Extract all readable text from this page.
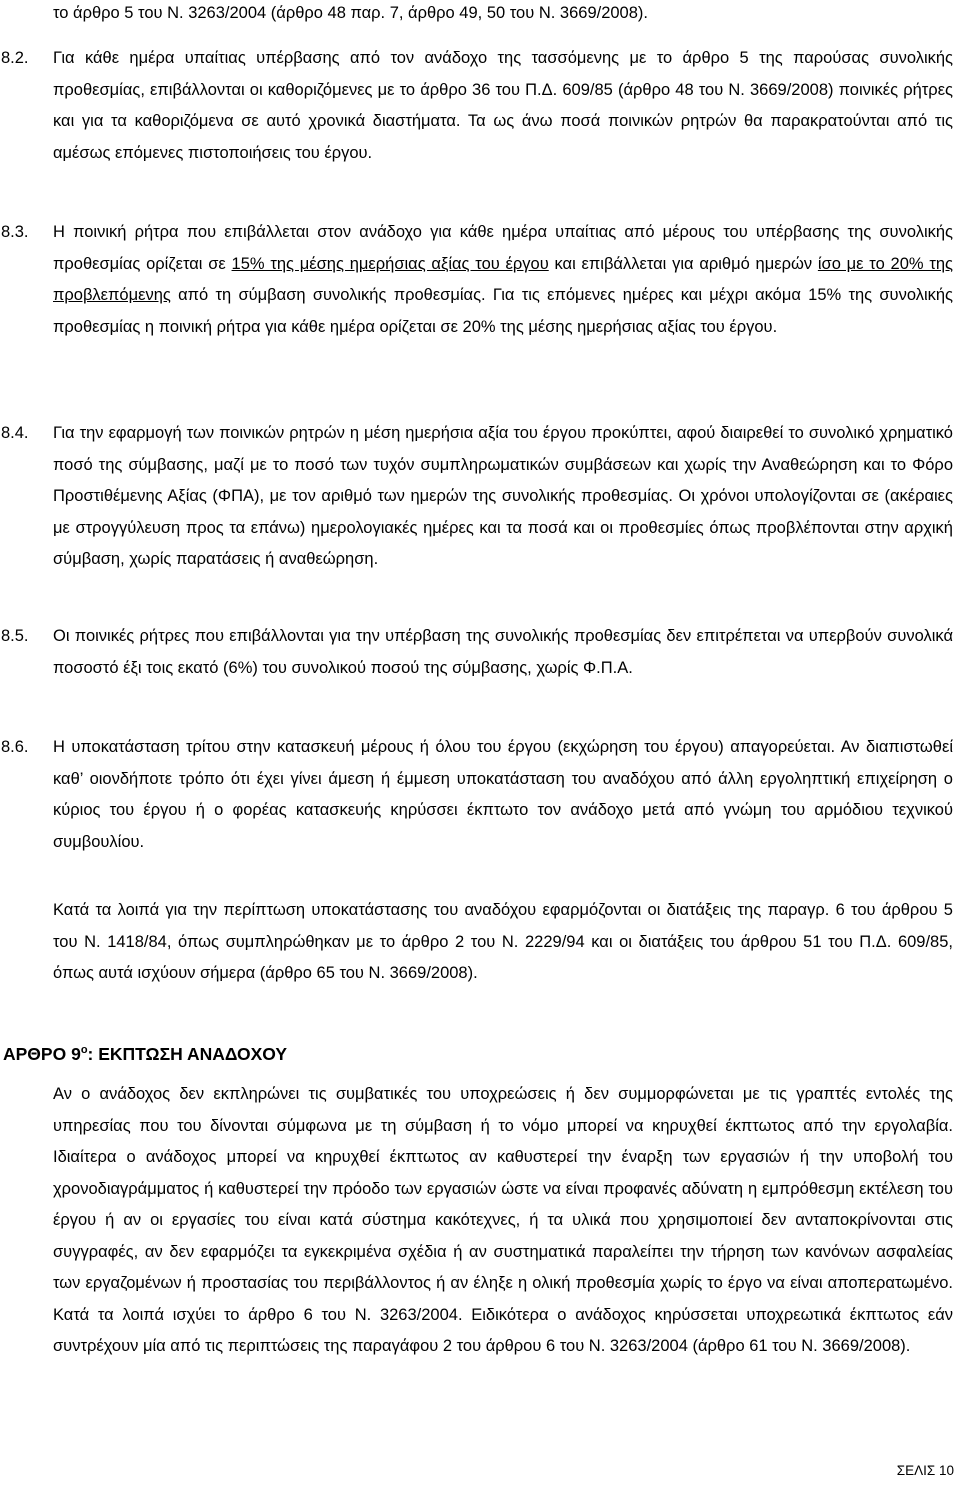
το άρθρο 5 του Ν. 3263/2004 (άρθρο 48 παρ. 7, άρθρο 49, 50 του Ν. 3669/2008).

8.2.	Για κάθε ημέρα υπαίτιας υπέρβασης από τον ανάδοχο της τασσόμενης με το άρθρο 5 της παρούσας συνολικής προθεσμίας, επιβάλλονται οι καθοριζόμενες με το άρθρο 36 του Π.Δ. 609/85 (άρθρο 48 του Ν. 3669/2008) ποινικές ρήτρες και για τα καθοριζόμενα σε αυτό χρονικά διαστήματα. Τα ως άνω ποσά ποινικών ρητρών θα παρακρατούνται από τις αμέσως επόμενες πιστοποιήσεις του έργου.

8.3.	Η ποινική ρήτρα που επιβάλλεται στον ανάδοχο για κάθε ημέρα υπαίτιας από μέρους του υπέρβασης της συνολικής προθεσμίας ορίζεται σε 15% της μέσης ημερήσιας αξίας του έργου και επιβάλλεται για αριθμό ημερών ίσο με το 20% της προβλεπόμενης από τη σύμβαση συνολικής προθεσμίας. Για τις επόμενες ημέρες και μέχρι ακόμα 15% της συνολικής προθεσμίας η ποινική ρήτρα για κάθε ημέρα ορίζεται σε 20% της μέσης ημερήσιας αξίας του έργου.

8.4.	Για την εφαρμογή των ποινικών ρητρών η μέση ημερήσια αξία του έργου προκύπτει, αφού διαιρεθεί το συνολικό χρηματικό ποσό της σύμβασης, μαζί με το ποσό των τυχόν συμπληρωματικών συμβάσεων και χωρίς την Αναθεώρηση και το Φόρο Προστιθέμενης Αξίας (ΦΠΑ), με τον αριθμό των ημερών της συνολικής προθεσμίας. Οι χρόνοι υπολογίζονται σε (ακέραιες με στρογγύλευση προς τα επάνω) ημερολογιακές ημέρες και τα ποσά και οι προθεσμίες όπως προβλέπονται στην αρχική σύμβαση, χωρίς παρατάσεις ή αναθεώρηση.

8.5.	Οι ποινικές ρήτρες που επιβάλλονται για την υπέρβαση της συνολικής προθεσμίας δεν επιτρέπεται να υπερβούν συνολικά ποσοστό έξι τοις εκατό (6%) του συνολικού ποσού της σύμβασης, χωρίς Φ.Π.Α.

8.6.	Η υποκατάσταση τρίτου στην κατασκευή μέρους ή όλου του έργου (εκχώρηση του έργου) απαγορεύεται. Αν διαπιστωθεί καθ’ οιονδήποτε τρόπο ότι έχει γίνει άμεση ή έμμεση υποκατάσταση του αναδόχου από άλλη εργοληπτική επιχείρηση ο κύριος του έργου ή ο φορέας κατασκευής κηρύσσει έκπτωτο τον ανάδοχο μετά από γνώμη του αρμόδιου τεχνικού συμβουλίου.

Κατά τα λοιπά για την περίπτωση υποκατάστασης του αναδόχου εφαρμόζονται οι διατάξεις της παραγρ. 6 του άρθρου 5 του Ν. 1418/84, όπως συμπληρώθηκαν με το άρθρο 2 του Ν. 2229/94 και οι διατάξεις του άρθρου 51 του Π.Δ. 609/85, όπως αυτά ισχύουν σήμερα (άρθρο 65 του Ν. 3669/2008).

ΑΡΘΡΟ $9^o$: ΕΚΠΤΩΣΗ ΑΝΑΔΟΧΟΥ

Αν ο ανάδοχος δεν εκπληρώνει τις συμβατικές του υποχρεώσεις ή δεν συμμορφώνεται με τις γραπτές εντολές της υπηρεσίας που του δίνονται σύμφωνα με τη σύμβαση ή το νόμο μπορεί να κηρυχθεί έκπτωτος από την εργολαβία. Ιδιαίτερα ο ανάδοχος μπορεί να κηρυχθεί έκπτωτος αν καθυστερεί την έναρξη των εργασιών ή την υποβολή του χρονοδιαγράμματος ή καθυστερεί την πρόοδο των εργασιών ώστε να είναι προφανές αδύνατη η εμπρόθεσμη εκτέλεση του έργου ή αν οι εργασίες του είναι κατά σύστημα κακότεχνες, ή τα υλικά που χρησιμοποιεί δεν ανταποκρίνονται στις συγγραφές, αν δεν εφαρμόζει τα εγκεκριμένα σχέδια ή αν συστηματικά παραλείπει την τήρηση των κανόνων ασφαλείας των εργαζομένων ή προστασίας του περιβάλλοντος ή αν έληξε η ολική προθεσμία χωρίς το έργο να είναι αποπερατωμένο. Κατά τα λοιπά ισχύει το άρθρο 6 του Ν. 3263/2004. Ειδικότερα ο ανάδοχος κηρύσσεται υποχρεωτικά έκπτωτος εάν συντρέχουν μία από τις περιπτώσεις της παραγάφου 2 του άρθρου 6 του Ν. 3263/2004 (άρθρο 61 του Ν. 3669/2008).

ΣΕΛΙΣ 10
